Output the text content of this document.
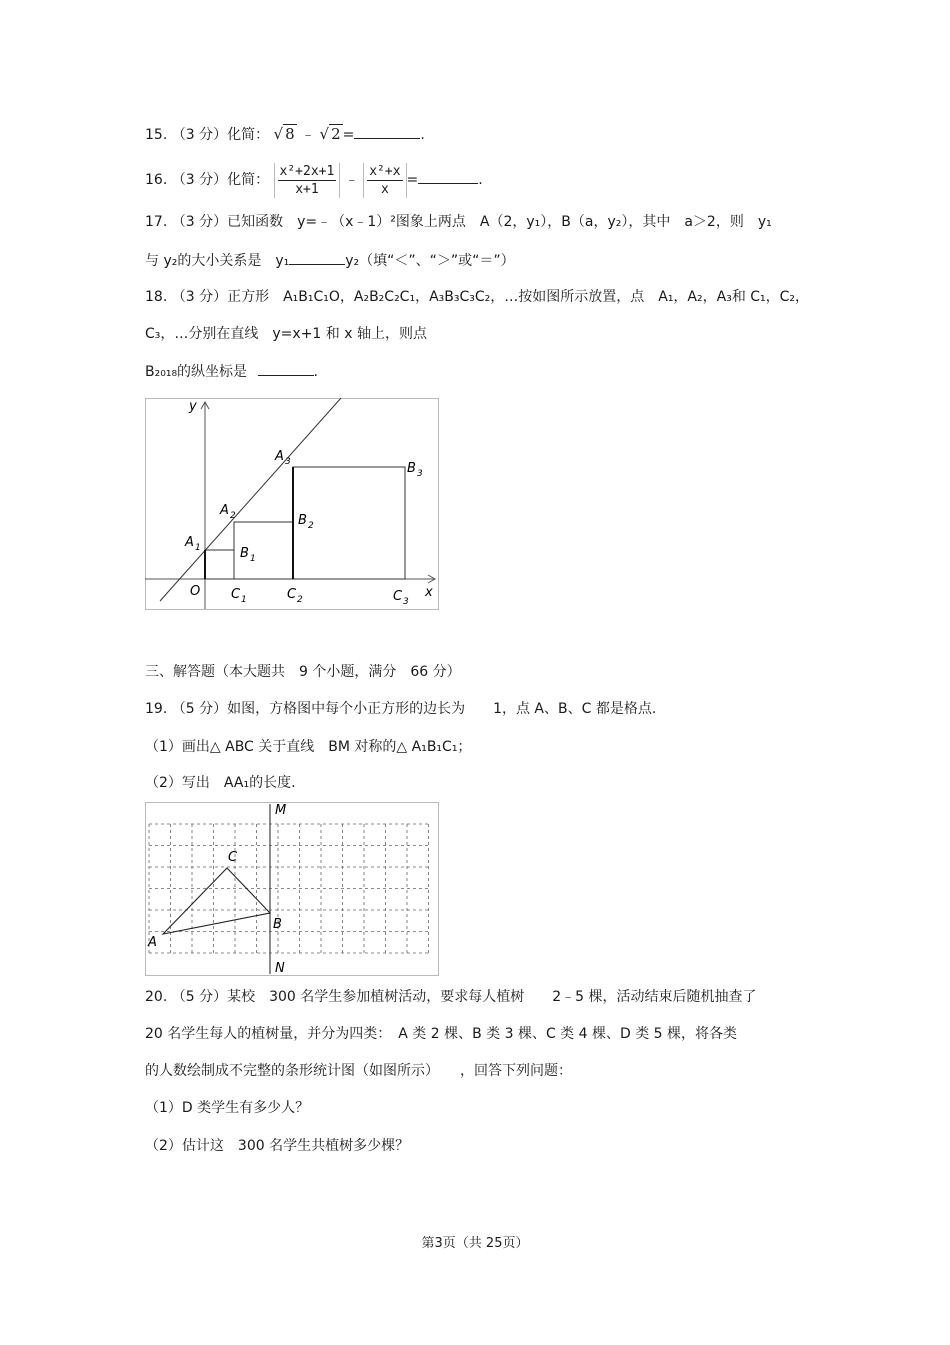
15. （3 分）化简： √ 8 ﹣ √ 2 =	.
16. （3 分）化简： $\frac{\text{x²+2x+1}}{x+1}$ ﹣ $\frac{\text{x²+x}}{x}$ =	.
17. （3 分）已知函数　y=﹣（x﹣1）²图象上两点　A（2，y₁），B（a，y₂），其中　a＞2，则　y₁
与 y₂的大小关系是　y₁	y₂（填“＜”、“＞”或“＝”）
18. （3 分）正方形　A₁B₁C₁O，A₂B₂C₂C₁，A₃B₃C₃C₂，…按如图所示放置，点　A₁，A₂，A₃和 C₁，C₂，
C₃，…分别在直线　y=x+1 和 x 轴上，则点
B₂₀₁₈的纵坐标是	.
y
x
O
A 1
A 2
A 3
B 1
B 2
B 3
C 1	C 2	C 3
三、解答题（本大题共　9 个小题，满分　66 分）
19. （5 分）如图，方格图中每个小正方形的边长为　　1，点 A、B、C 都是格点.
（1）画出△ ABC 关于直线　BM 对称的△ A₁B₁C₁；
（2）写出　AA₁的长度.
M
N
A
B
C
20. （5 分）某校　300 名学生参加植树活动，要求每人植树　　2﹣5 棵，活动结束后随机抽查了
20 名学生每人的植树量，并分为四类：　A 类 2 棵、B 类 3 棵、C 类 4 棵、D 类 5 棵，将各类
的人数绘制成不完整的条形统计图（如图所示）　　，回答下列问题：
（1）D 类学生有多少人？
（2）估计这　300 名学生共植树多少棵？
第3页（共 25页）
